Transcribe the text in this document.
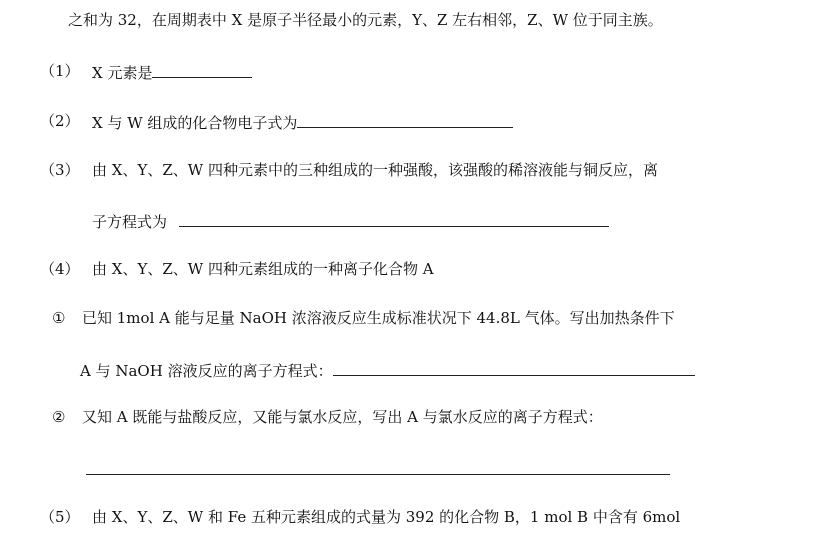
之和为 32，在周期表中 X 是原子半径最小的元素，Y、Z 左右相邻，Z、W 位于同主族。
（1） X 元素是
（2） X 与 W 组成的化合物电子式为
（3） 由 X、Y、Z、W 四种元素中的三种组成的一种强酸，该强酸的稀溶液能与铜反应，离
子方程式为
（4） 由 X、Y、Z、W 四种元素组成的一种离子化合物 A
① 已知 1mol A 能与足量 NaOH 浓溶液反应生成标准状况下 44.8L 气体。写出加热条件下
A 与 NaOH 溶液反应的离子方程式：
② 又知 A 既能与盐酸反应，又能与氯水反应，写出 A 与氯水反应的离子方程式：
（5） 由 X、Y、Z、W 和 Fe 五种元素组成的式量为 392 的化合物 B，1 mol B 中含有 6mol
